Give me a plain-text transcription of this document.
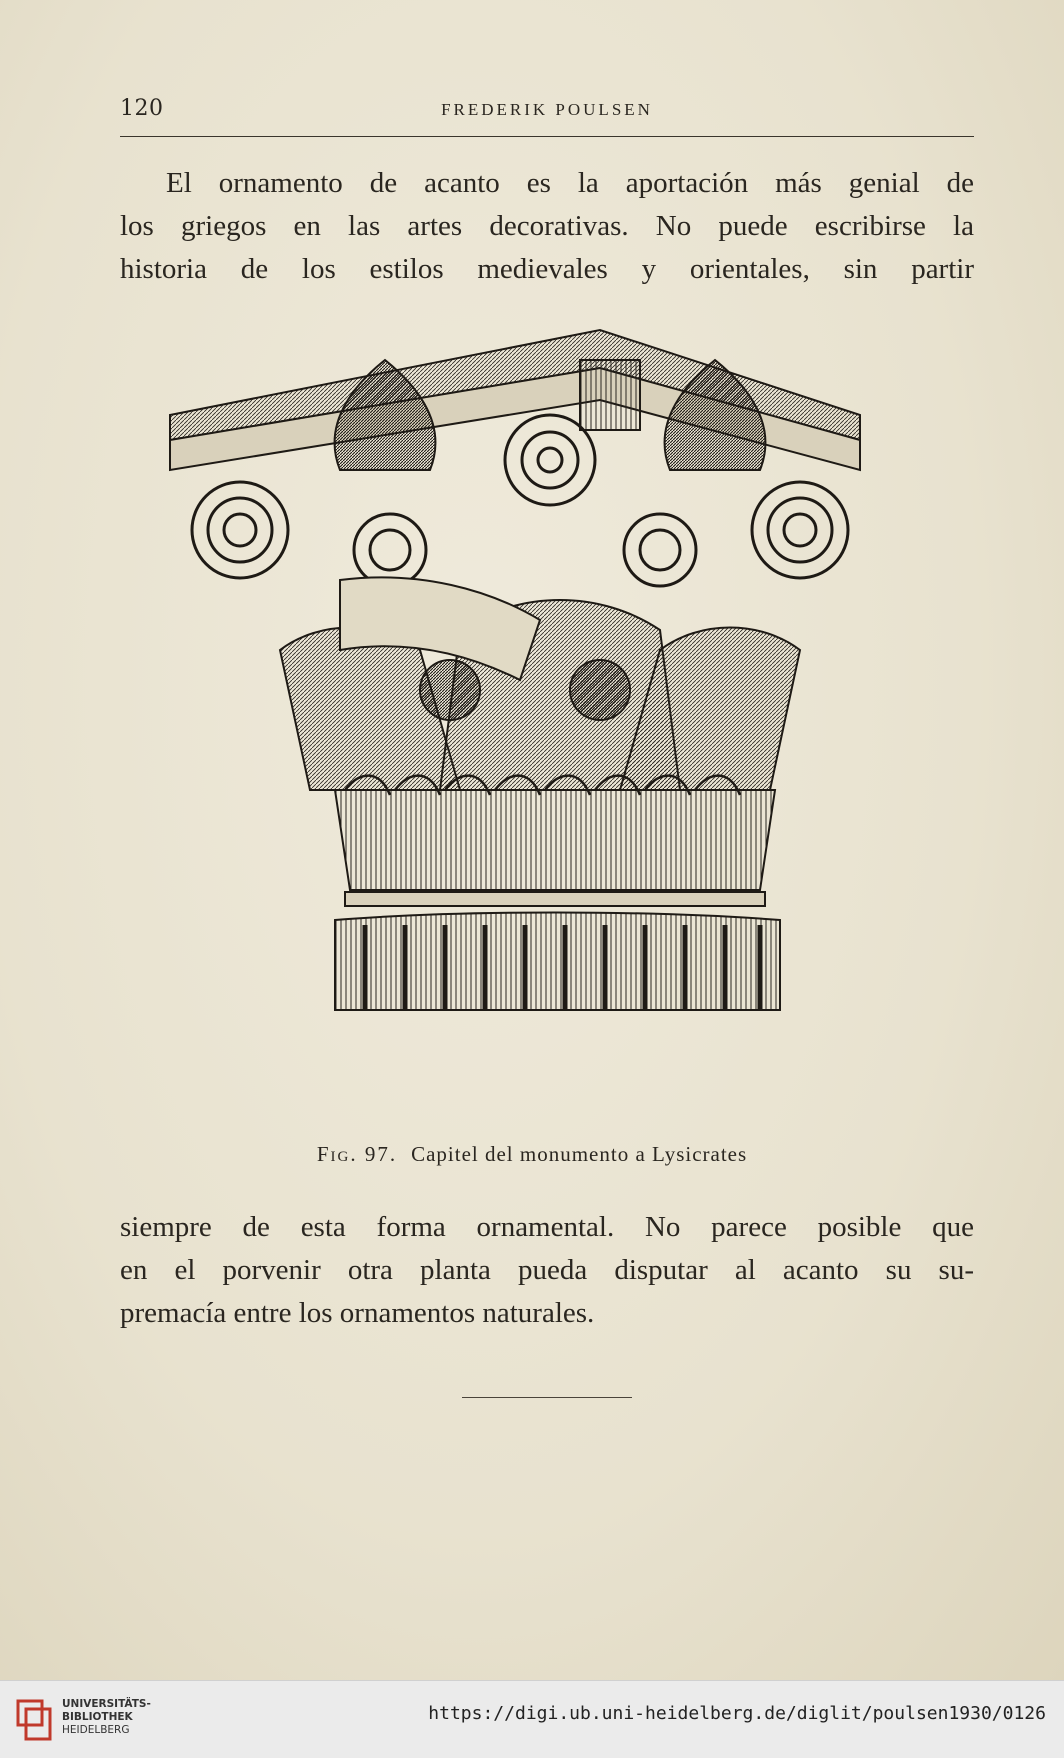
120	FREDERIK POULSEN

El ornamento de acanto es la aportación más genial de
los griegos en las artes decorativas. No puede escribirse la
historia de los estilos medievales y orientales, sin partir

Fig. 97. Capitel del monumento a Lysicrates

siempre de esta forma ornamental. No parece posible que
en el porvenir otra planta pueda disputar al acanto su su-
premacía entre los ornamentos naturales.

UNIVERSITÄTS-
BIBLIOTHEK
HEIDELBERG
https://digi.ub.uni-heidelberg.de/diglit/poulsen1930/0126
